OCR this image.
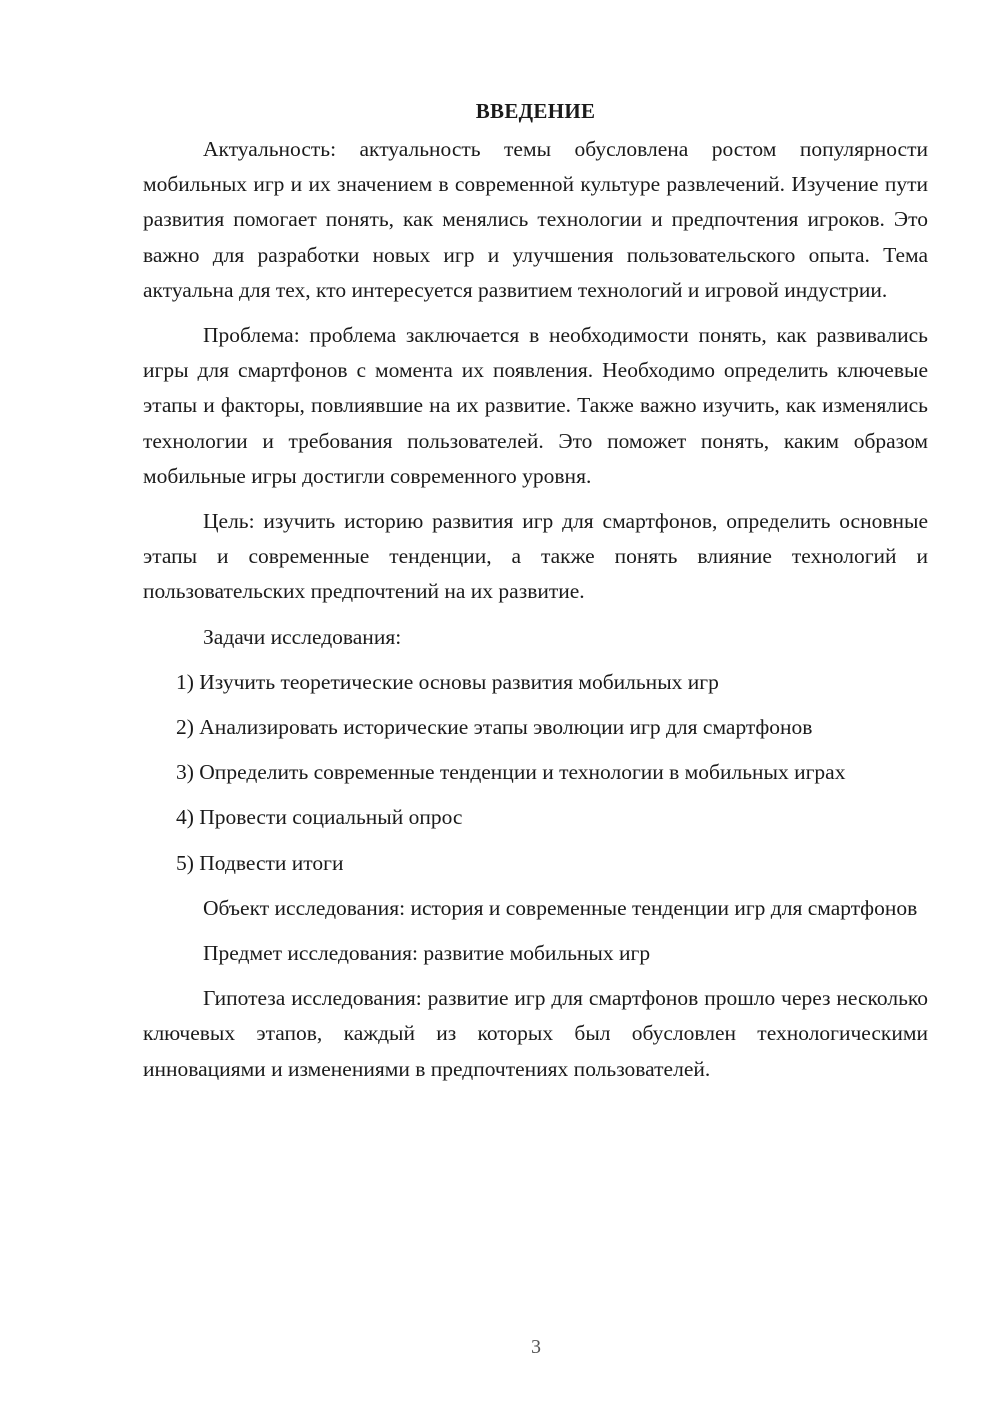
ВВЕДЕНИЕ

Актуальность: актуальность темы обусловлена ростом популярности мобильных игр и их значением в современной культуре развлечений. Изучение пути развития помогает понять, как менялись технологии и предпочтения игроков. Это важно для разработки новых игр и улучшения пользовательского опыта. Тема актуальна для тех, кто интересуется развитием технологий и игровой индустрии.

Проблема: проблема заключается в необходимости понять, как развивались игры для смартфонов с момента их появления. Необходимо определить ключевые этапы и факторы, повлиявшие на их развитие. Также важно изучить, как изменялись технологии и требования пользователей. Это поможет понять, каким образом мобильные игры достигли современного уровня.

Цель: изучить историю развития игр для смартфонов, определить основные этапы и современные тенденции, а также понять влияние технологий и пользовательских предпочтений на их развитие.

Задачи исследования:

1) Изучить теоретические основы развития мобильных игр

2) Анализировать исторические этапы эволюции игр для смартфонов

3) Определить современные тенденции и технологии в мобильных играх

4) Провести социальный опрос

5) Подвести итоги

Объект исследования: история и современные тенденции игр для смартфонов

Предмет исследования: развитие мобильных игр

Гипотеза исследования: развитие игр для смартфонов прошло через несколько ключевых этапов, каждый из которых был обусловлен технологическими инновациями и изменениями в предпочтениях пользователей.

3
